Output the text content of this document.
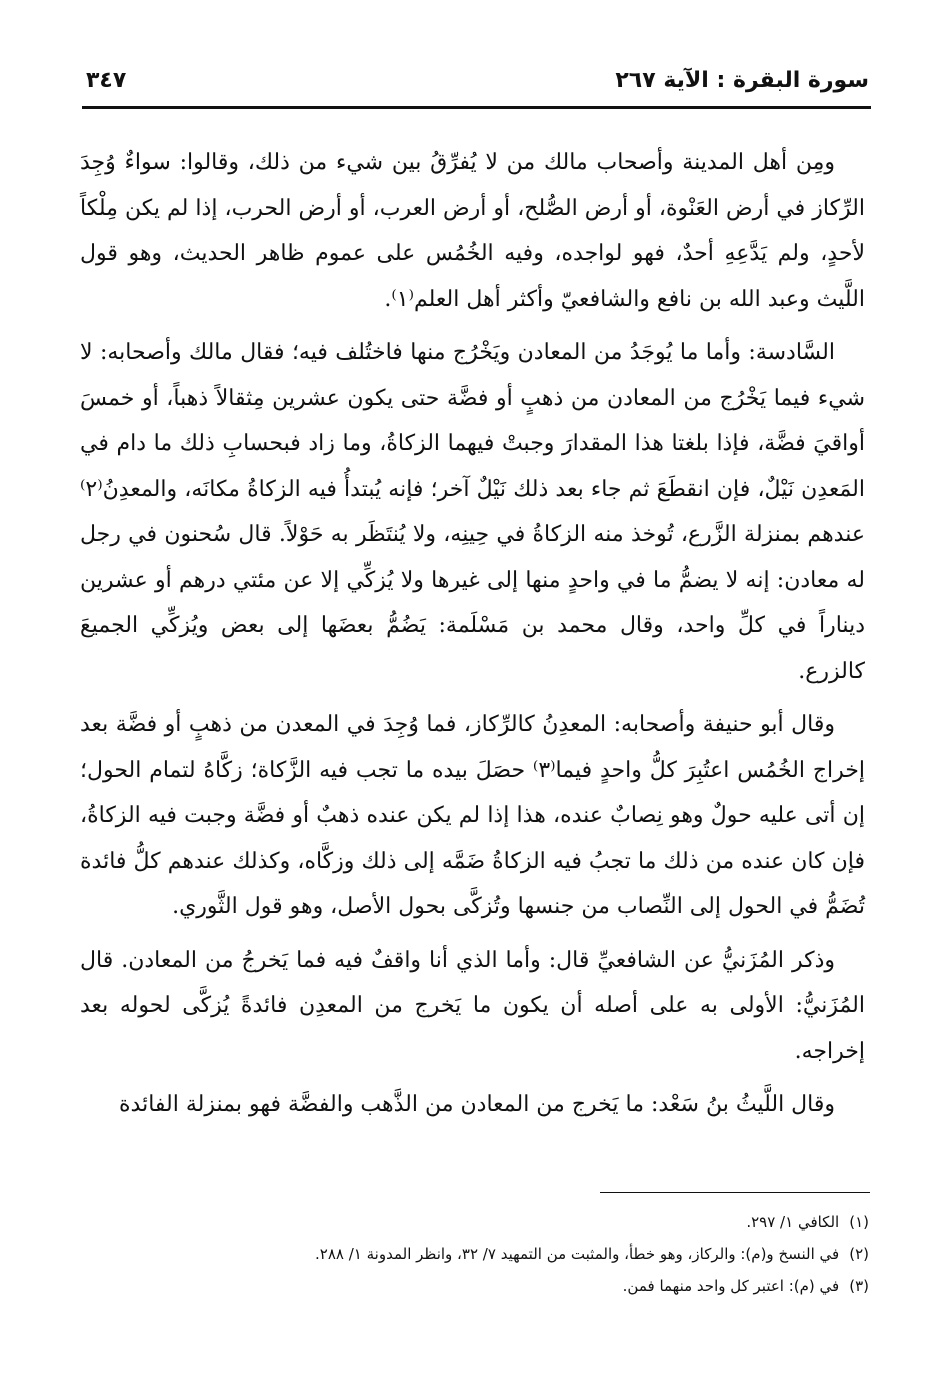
سورة البقرة : الآية ٢٦٧
٣٤٧

ومِن أهل المدينة وأصحاب مالك من لا يُفرِّقُ بين شيء من ذلك، وقالوا: سواءٌ وُجِدَ الرِّكاز في أرض العَنْوة، أو أرض الصُّلح، أو أرض العرب، أو أرض الحرب، إذا لم يكن مِلْكاً لأحدٍ، ولم يَدَّعِهِ أحدٌ، فهو لواجده، وفيه الخُمُس على عموم ظاهر الحديث، وهو قول اللَّيث وعبد الله بن نافع والشافعيّ وأكثر أهل العلم⁽١⁾.

السَّادسة: وأما ما يُوجَدُ من المعادن ويَخْرُج منها فاختُلف فيه؛ فقال مالك وأصحابه: لا شيء فيما يَخْرُج من المعادن من ذهبٍ أو فضَّة حتى يكون عشرين مِثقالاً ذهباً، أو خمسَ أواقيَ فضَّة، فإذا بلغتا هذا المقدارَ وجبتْ فيهما الزكاةُ، وما زاد فبحسابِ ذلك ما دام في المَعدِن نَيْلٌ، فإن انقطَعَ ثم جاء بعد ذلك نَيْلٌ آخر؛ فإنه يُبتدأُ فيه الزكاةُ مكانَه، والمعدِنُ⁽٢⁾ عندهم بمنزلة الزَّرع، تُوخذ منه الزكاةُ في حِينِه، ولا يُنتَظَر به حَوْلاً. قال سُحنون في رجل له معادن: إنه لا يضمُّ ما في واحدٍ منها إلى غيرها ولا يُزكِّي إلا عن مئتي درهم أو عشرين ديناراً في كلِّ واحد، وقال محمد بن مَسْلَمة: يَضُمُّ بعضَها إلى بعض ويُزكِّي الجميعَ كالزرع.

وقال أبو حنيفة وأصحابه: المعدِنُ كالرِّكاز، فما وُجِدَ في المعدن من ذهبٍ أو فضَّة بعد إخراج الخُمُس اعتُبِرَ كلُّ واحدٍ فيما⁽٣⁾ حصَلَ بيده ما تجب فيه الزَّكاة؛ زكَّاهُ لتمام الحول؛ إن أتى عليه حولٌ وهو نِصابٌ عنده، هذا إذا لم يكن عنده ذهبٌ أو فضَّة وجبت فيه الزكاةُ، فإن كان عنده من ذلك ما تجبُ فيه الزكاةُ ضَمَّه إلى ذلك وزكَّاه، وكذلك عندهم كلُّ فائدة تُضَمُّ في الحول إلى النِّصاب من جنسها وتُزكَّى بحول الأصل، وهو قول الثَّوري.

وذكر المُزَنيُّ عن الشافعيِّ قال: وأما الذي أنا واقفٌ فيه فما يَخرجُ من المعادن. قال المُزَنيُّ: الأولى به على أصله أن يكون ما يَخرج من المعدِن فائدةً يُزكَّى لحوله بعد إخراجه.

وقال اللَّيثُ بنُ سَعْد: ما يَخرج من المعادن من الذَّهب والفضَّة فهو بمنزلة الفائدة

(١)
الكافي ١/ ٢٩٧.
(٢)
في النسخ و(م): والركاز، وهو خطأ، والمثبت من التمهيد ٧/ ٣٢، وانظر المدونة ١/ ٢٨٨.
(٣)
في (م): اعتبر كل واحد منهما فمن.
